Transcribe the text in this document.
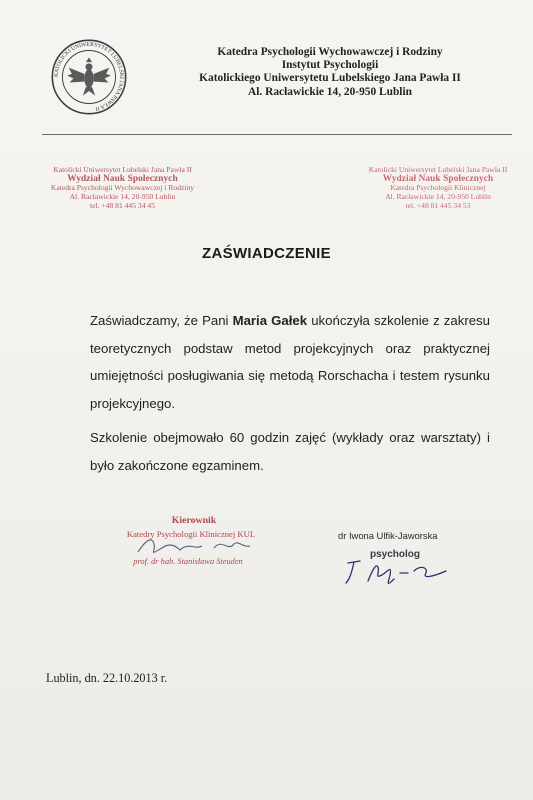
KATOLICKI UNIWERSYTET LUBELSKI JANA PAWŁA II
Katedra Psychologii Wychowawczej i Rodziny
Instytut Psychologii
Katolickiego Uniwersytetu Lubelskiego Jana Pawła II
Al. Racławickie 14, 20-950 Lublin
Katolicki Uniwersytet Lubelski Jana Pawła II
Wydział Nauk Społecznych
Katedra Psychologii Wychowawczej i Rodziny
Al. Racławickie 14, 20-950 Lublin
tel. +48 81 445 34 45
Katolicki Uniwersytet Lubelski Jana Pawła II
Wydział Nauk Społecznych
Katedra Psychologii Klinicznej
Al. Racławickie 14, 20-950 Lublin
tel. +48 81 445 34 53
ZAŚWIADCZENIE

Zaświadczamy, że Pani Maria Gałek ukończyła szkolenie z zakresu teoretycznych podstaw metod projekcyjnych oraz praktycznej umiejętności posługiwania się metodą Rorschacha i testem rysunku projekcyjnego.

Szkolenie obejmowało 60 godzin zajęć (wykłady oraz warsztaty) i było zakończone egzaminem.

Kierownik
Katedry Psychologii Klinicznej KUL
prof. dr hab. Stanisława Steuden
dr Iwona Ulfik-Jaworska
psycholog
Lublin, dn. 22.10.2013 r.
